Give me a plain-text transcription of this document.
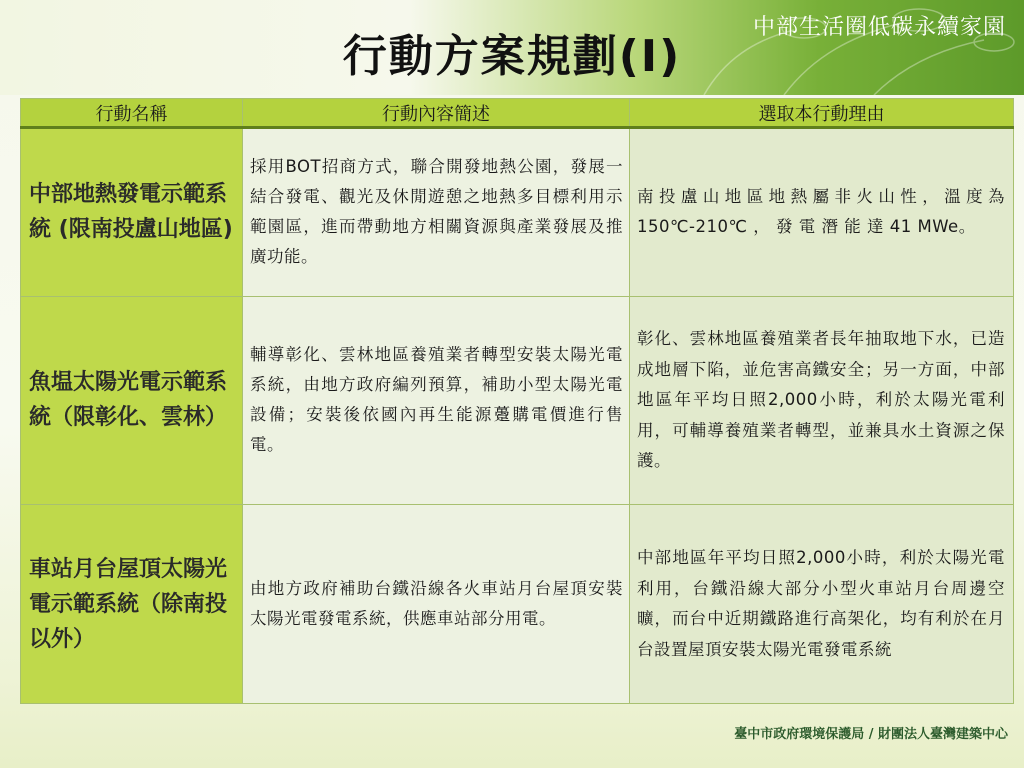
中部生活圈低碳永續家園
行動方案規劃(I)
行動名稱	行動內容簡述	選取本行動理由
中部地熱發電示範系統 (限南投盧山地區)	採用BOT招商方式，聯合開發地熱公園，發展一結合發電、觀光及休閒遊憩之地熱多目標利用示範園區，進而帶動地方相關資源與產業發展及推廣功能。	南投盧山地區地熱屬非火山性，溫度為 150℃-210℃ ， 發 電 潛 能 達 41 MWe。
魚塭太陽光電示範系統（限彰化、雲林）	輔導彰化、雲林地區養殖業者轉型安裝太陽光電系統，由地方政府編列預算，補助小型太陽光電設備；安裝後依國內再生能源躉購電價進行售電。	彰化、雲林地區養殖業者長年抽取地下水，已造成地層下陷，並危害高鐵安全；另一方面，中部地區年平均日照2,000小時，利於太陽光電利用，可輔導養殖業者轉型，並兼具水土資源之保護。
車站月台屋頂太陽光電示範系統（除南投以外）	由地方政府補助台鐵沿線各火車站月台屋頂安裝太陽光電發電系統，供應車站部分用電。	中部地區年平均日照2,000小時，利於太陽光電利用，台鐵沿線大部分小型火車站月台周邊空曠，而台中近期鐵路進行高架化，均有利於在月台設置屋頂安裝太陽光電發電系統
臺中市政府環境保護局 / 財團法人臺灣建築中心
